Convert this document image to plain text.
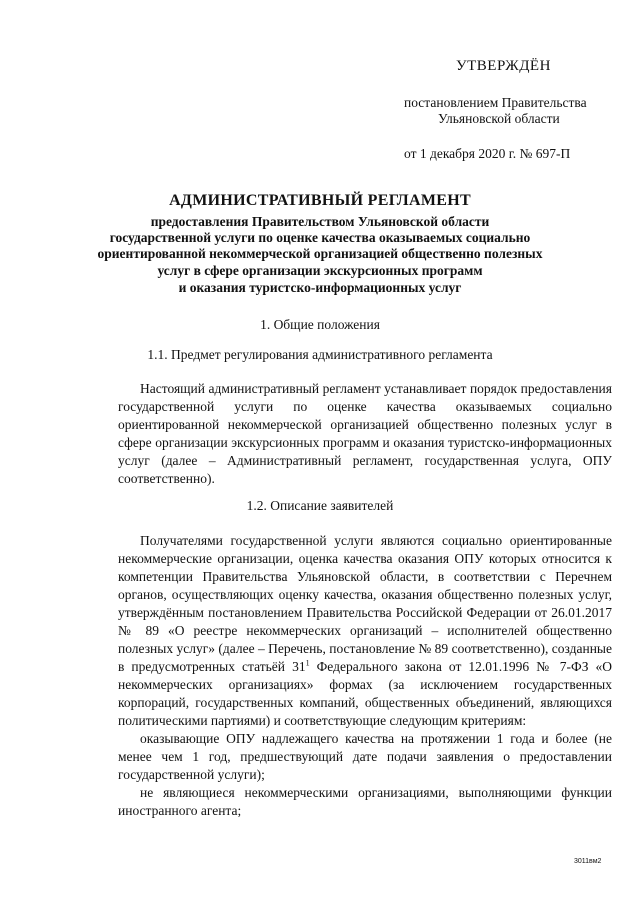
УТВЕРЖДЁН
постановлением Правительства
Ульяновской области
от 1 декабря 2020 г. № 697-П
АДМИНИСТРАТИВНЫЙ РЕГЛАМЕНТ
предоставления Правительством Ульяновской области
государственной услуги по оценке качества оказываемых социально
ориентированной некоммерческой организацией общественно полезных
услуг в сфере организации экскурсионных программ
и оказания туристско-информационных услуг
1. Общие положения
1.1. Предмет регулирования административного регламента

Настоящий административный регламент устанавливает порядок предоставления государственной услуги по оценке качества оказываемых социально ориентированной некоммерческой организацией общественно полезных услуг в сфере организации экскурсионных программ и оказания туристско-информационных услуг (далее – Административный регламент, государственная услуга, ОПУ соответственно).

1.2. Описание заявителей

Получателями государственной услуги являются социально ориентированные некоммерческие организации, оценка качества оказания ОПУ которых относится к компетенции Правительства Ульяновской области, в соответствии с Перечнем органов, осуществляющих оценку качества, оказания общественно полезных услуг, утверждённым постановлением Правительства Российской Федерации от 26.01.2017 № 89 «О реестре некоммерческих организаций – исполнителей общественно полезных услуг» (далее – Перечень, постановление № 89 соответственно), созданные в предусмотренных статьёй $31^1$ Федерального закона от 12.01.1996 № 7-ФЗ «О некоммерческих организациях» формах (за исключением государственных корпораций, государственных компаний, общественных объединений, являющихся политическими партиями) и соответствующие следующим критериям:

оказывающие ОПУ надлежащего качества на протяжении 1 года и более (не менее чем 1 год, предшествующий дате подачи заявления о предоставлении государственной услуги);

не являющиеся некоммерческими организациями, выполняющими функции иностранного агента;

3011вм2
